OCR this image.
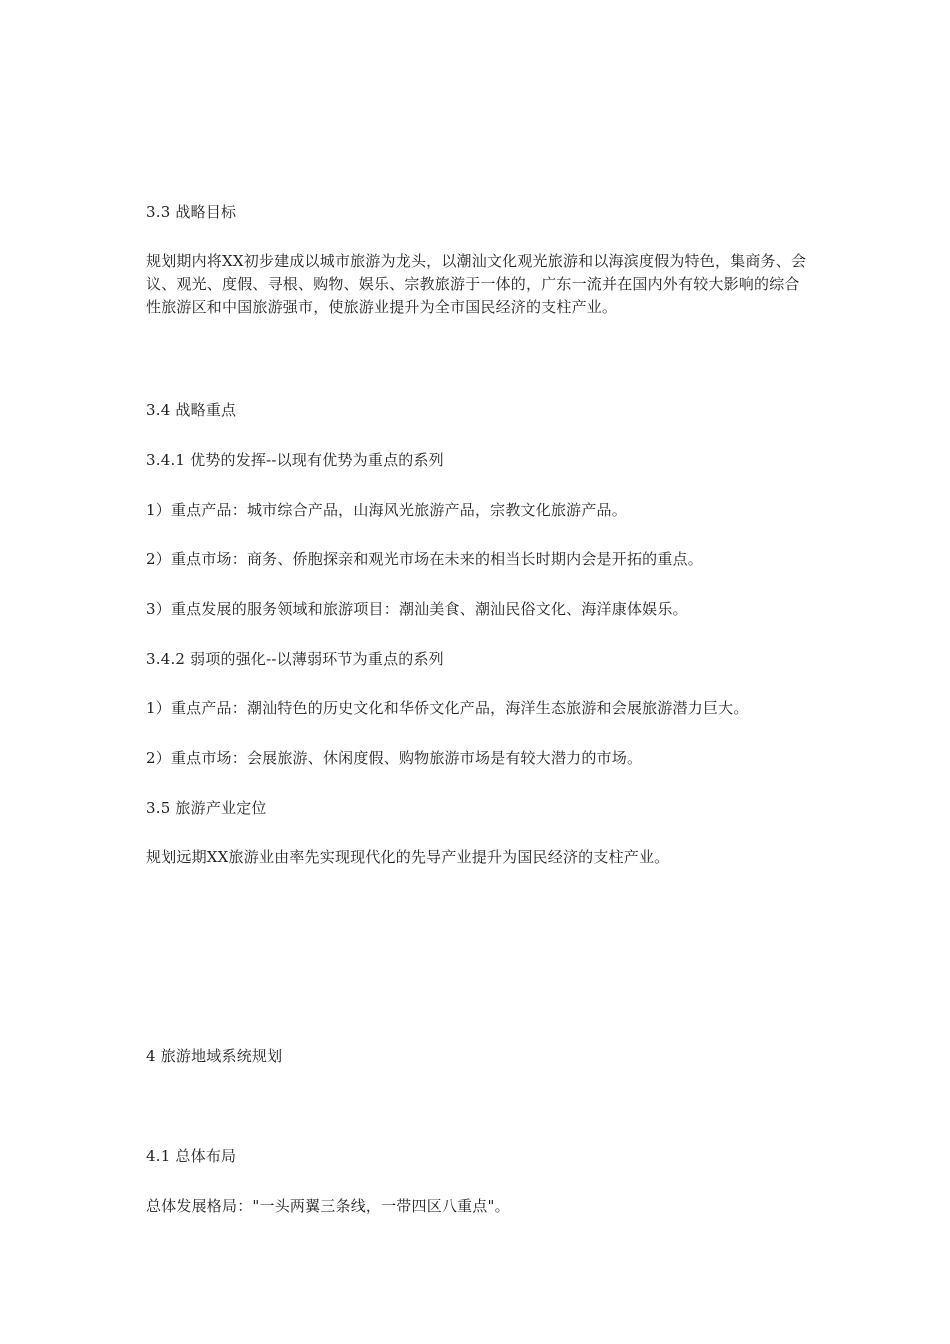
3.3 战略目标
规划期内将XX初步建成以城市旅游为龙头，以潮汕文化观光旅游和以海滨度假为特色，集商务、会议、观光、度假、寻根、购物、娱乐、宗教旅游于一体的，广东一流并在国内外有较大影响的综合性旅游区和中国旅游强市，使旅游业提升为全市国民经济的支柱产业。
3.4 战略重点
3.4.1 优势的发挥--以现有优势为重点的系列
1）重点产品：城市综合产品，山海风光旅游产品，宗教文化旅游产品。
2）重点市场：商务、侨胞探亲和观光市场在未来的相当长时期内会是开拓的重点。
3）重点发展的服务领域和旅游项目：潮汕美食、潮汕民俗文化、海洋康体娱乐。
3.4.2 弱项的强化--以薄弱环节为重点的系列
1）重点产品：潮汕特色的历史文化和华侨文化产品，海洋生态旅游和会展旅游潜力巨大。
2）重点市场：会展旅游、休闲度假、购物旅游市场是有较大潜力的市场。
3.5 旅游产业定位
规划远期XX旅游业由率先实现现代化的先导产业提升为国民经济的支柱产业。
4 旅游地域系统规划
4.1 总体布局
总体发展格局："一头两翼三条线，一带四区八重点"。
